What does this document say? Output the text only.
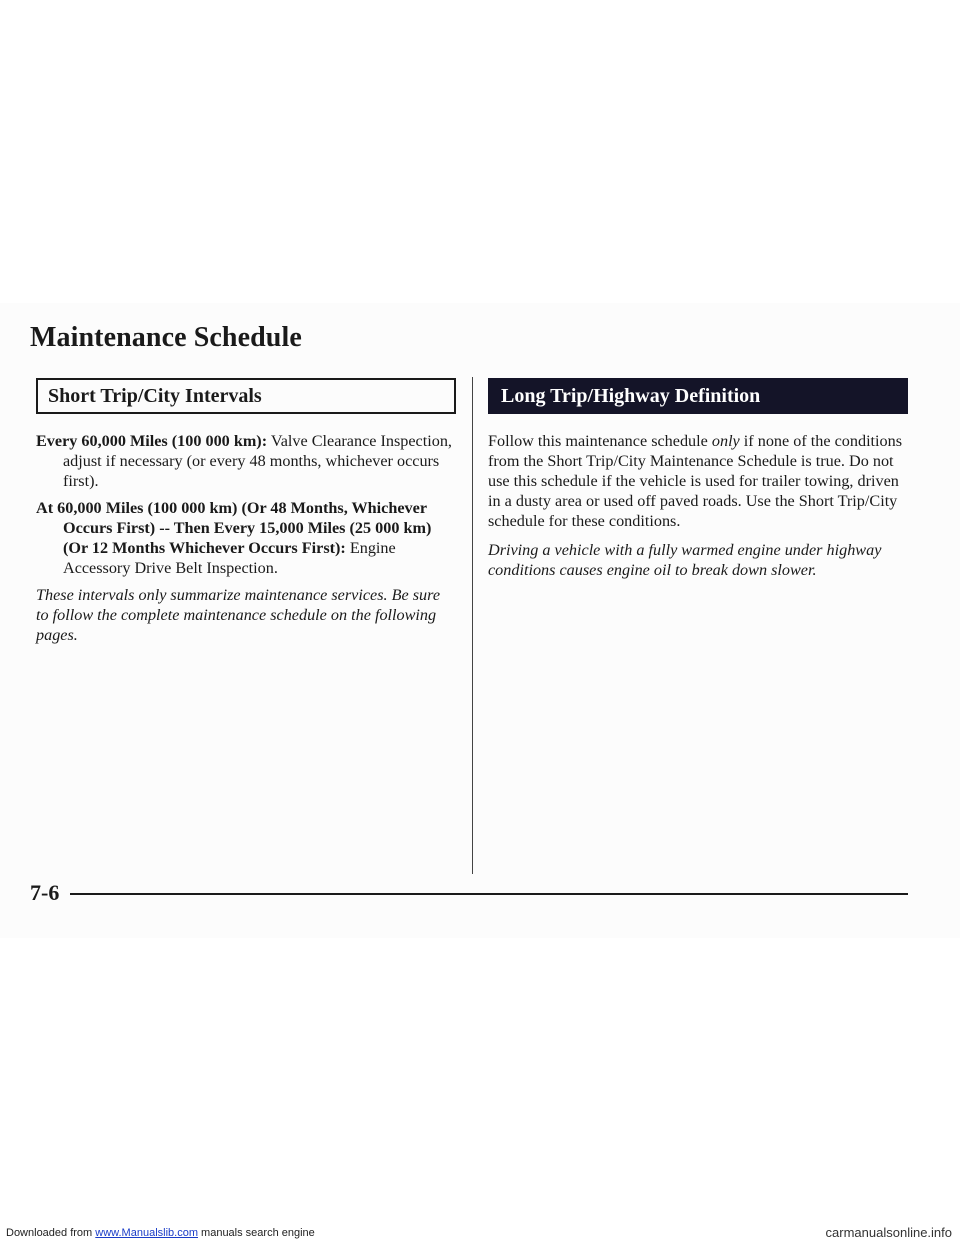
Maintenance Schedule
Short Trip/City Intervals

Every 60,000 Miles (100 000 km): Valve Clearance Inspection, adjust if necessary (or every 48 months, whichever occurs first).

At 60,000 Miles (100 000 km) (Or 48 Months, Whichever Occurs First) -- Then Every 15,000 Miles (25 000 km) (Or 12 Months Whichever Occurs First): Engine Accessory Drive Belt Inspection.

These intervals only summarize maintenance services. Be sure to follow the complete maintenance schedule on the following pages.

Long Trip/Highway Definition

Follow this maintenance schedule only if none of the conditions from the Short Trip/City Maintenance Schedule is true. Do not use this schedule if the vehicle is used for trailer towing, driven in a dusty area or used off paved roads. Use the Short Trip/City schedule for these conditions.

Driving a vehicle with a fully warmed engine under highway conditions causes engine oil to break down slower.

7-6

Downloaded from www.Manualslib.com manuals search engine	carmanualsonline.info
